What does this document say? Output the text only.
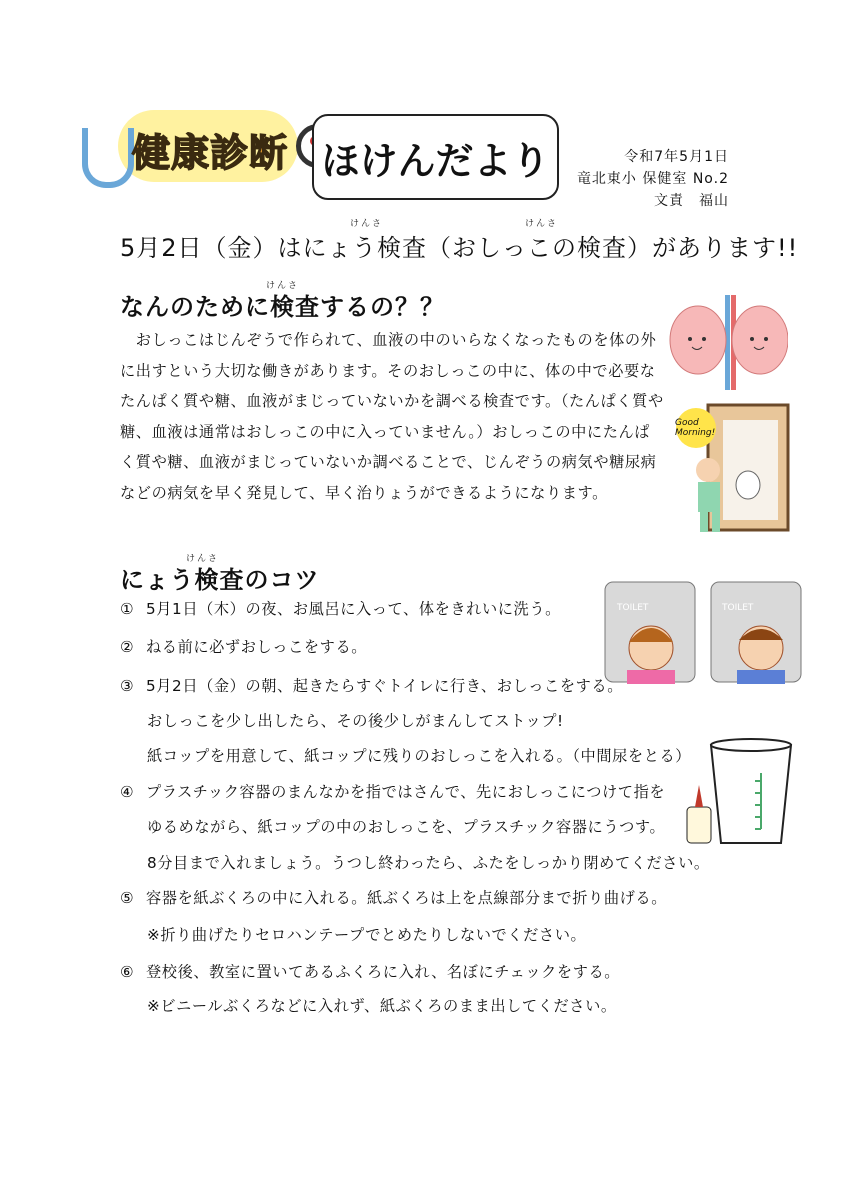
健康診断 ほけんだより	令和7年5月1日
竜北東小 保健室 No.2
文責　福山
けんさ	けんさ
5月2日（金）はにょう検査（おしっこの検査）があります!!
けんさ
なんのために検査するの？？
　おしっこはじんぞうで作られて、血液の中のいらなくなったものを体の外に出すという大切な働きがあります。そのおしっこの中に、体の中で必要なたんぱく質や糖、血液がまじっていないかを調べる検査です。（たんぱく質や糖、血液は通常はおしっこの中に入っていません。）おしっこの中にたんぱく質や糖、血液がまじっていないか調べることで、じんぞうの病気や糖尿病などの病気を早く発見して、早く治りょうができるようになります。
Good Morning!
けんさ
にょう検査のコツ
TOILET	TOILET
① 5月1日（木）の夜、お風呂に入って、体をきれいに洗う。
② ねる前に必ずおしっこをする。
③ 5月2日（金）の朝、起きたらすぐトイレに行き、おしっこをする。
おしっこを少し出したら、その後少しがまんしてストップ!
紙コップを用意して、紙コップに残りのおしっこを入れる。（中間尿をとる）
④ プラスチック容器のまんなかを指ではさんで、先におしっこにつけて指を
ゆるめながら、紙コップの中のおしっこを、プラスチック容器にうつす。
8分目まで入れましょう。うつし終わったら、ふたをしっかり閉めてください。
⑤ 容器を紙ぶくろの中に入れる。紙ぶくろは上を点線部分まで折り曲げる。
※折り曲げたりセロハンテープでとめたりしないでください。
⑥ 登校後、教室に置いてあるふくろに入れ、名ぼにチェックをする。
※ビニールぶくろなどに入れず、紙ぶくろのまま出してください。
